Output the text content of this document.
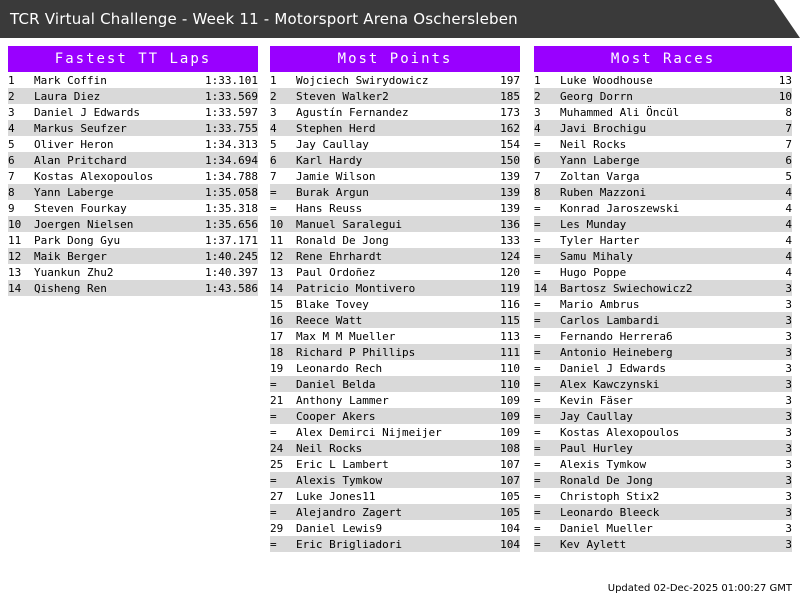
TCR Virtual Challenge - Week 11 - Motorsport Arena Oschersleben
Fastest TT Laps
1	Mark Coffin	1:33.101
2	Laura Diez	1:33.569
3	Daniel J Edwards	1:33.597
4	Markus Seufzer	1:33.755
5	Oliver Heron	1:34.313
6	Alan Pritchard	1:34.694
7	Kostas Alexopoulos	1:34.788
8	Yann Laberge	1:35.058
9	Steven Fourkay	1:35.318
10	Joergen Nielsen	1:35.656
11	Park Dong Gyu	1:37.171
12	Maik Berger	1:40.245
13	Yuankun Zhu2	1:40.397
14	Qisheng Ren	1:43.586
Most Points
1	Wojciech Swirydowicz	197
2	Steven Walker2	185
3	Agustín Fernandez	173
4	Stephen Herd	162
5	Jay Caullay	154
6	Karl Hardy	150
7	Jamie Wilson	139
=	Burak Argun	139
=	Hans Reuss	139
10	Manuel Saralegui	136
11	Ronald De Jong	133
12	Rene Ehrhardt	124
13	Paul Ordoñez	120
14	Patricio Montivero	119
15	Blake Tovey	116
16	Reece Watt	115
17	Max M M Mueller	113
18	Richard P Phillips	111
19	Leonardo Rech	110
=	Daniel Belda	110
21	Anthony Lammer	109
=	Cooper Akers	109
=	Alex Demirci Nijmeijer	109
24	Neil Rocks	108
25	Eric L Lambert	107
=	Alexis Tymkow	107
27	Luke Jones11	105
=	Alejandro Zagert	105
29	Daniel Lewis9	104
=	Eric Brigliadori	104
Most Races
1	Luke Woodhouse	13
2	Georg Dorrn	10
3	Muhammed Ali Öncül	8
4	Javi Brochigu	7
=	Neil Rocks	7
6	Yann Laberge	6
7	Zoltan Varga	5
8	Ruben Mazzoni	4
=	Konrad Jaroszewski	4
=	Les Munday	4
=	Tyler Harter	4
=	Samu Mihaly	4
=	Hugo Poppe	4
14	Bartosz Swiechowicz2	3
=	Mario Ambrus	3
=	Carlos Lambardi	3
=	Fernando Herrera6	3
=	Antonio Heineberg	3
=	Daniel J Edwards	3
=	Alex Kawczynski	3
=	Kevin Fäser	3
=	Jay Caullay	3
=	Kostas Alexopoulos	3
=	Paul Hurley	3
=	Alexis Tymkow	3
=	Ronald De Jong	3
=	Christoph Stix2	3
=	Leonardo Bleeck	3
=	Daniel Mueller	3
=	Kev Aylett	3
Updated 02-Dec-2025 01:00:27 GMT
